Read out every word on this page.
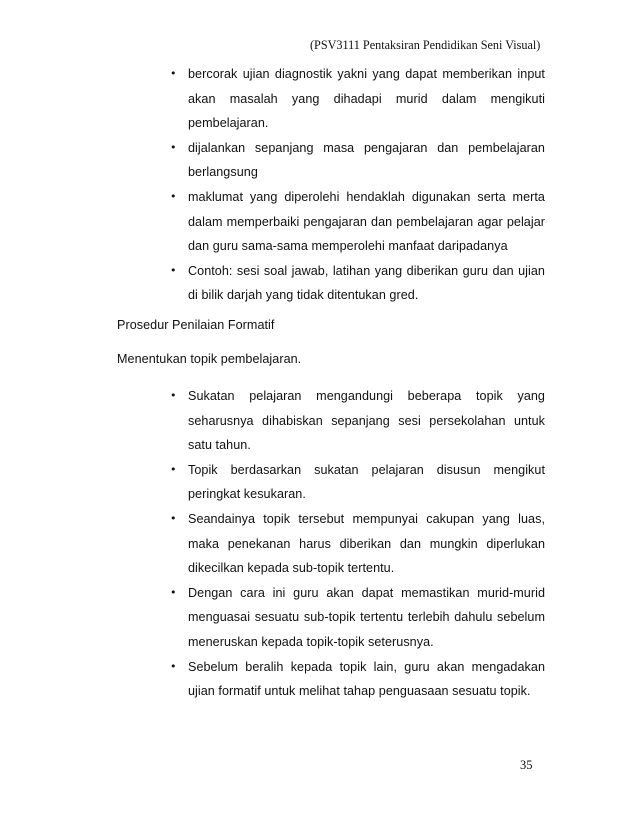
(PSV3111 Pentaksiran Pendidikan Seni Visual)
• bercorak ujian diagnostik yakni yang dapat memberikan input akan masalah yang dihadapi murid dalam mengikuti pembelajaran.
• dijalankan sepanjang masa pengajaran dan pembelajaran berlangsung
• maklumat yang diperolehi hendaklah digunakan serta merta dalam memperbaiki pengajaran dan pembelajaran agar pelajar dan guru sama-sama memperolehi manfaat daripadanya
• Contoh: sesi soal jawab, latihan yang diberikan guru dan ujian di bilik darjah yang tidak ditentukan gred.
Prosedur Penilaian Formatif
Menentukan topik pembelajaran.
• Sukatan pelajaran mengandungi beberapa topik yang seharusnya dihabiskan sepanjang sesi persekolahan untuk satu tahun.
• Topik berdasarkan sukatan pelajaran disusun mengikut peringkat kesukaran.
• Seandainya topik tersebut mempunyai cakupan yang luas, maka penekanan harus diberikan dan mungkin diperlukan dikecilkan kepada sub-topik tertentu.
• Dengan cara ini guru akan dapat memastikan murid-murid menguasai sesuatu sub-topik tertentu terlebih dahulu sebelum meneruskan kepada topik-topik seterusnya.
• Sebelum beralih kepada topik lain, guru akan mengadakan ujian formatif untuk melihat tahap penguasaan sesuatu topik.
35
